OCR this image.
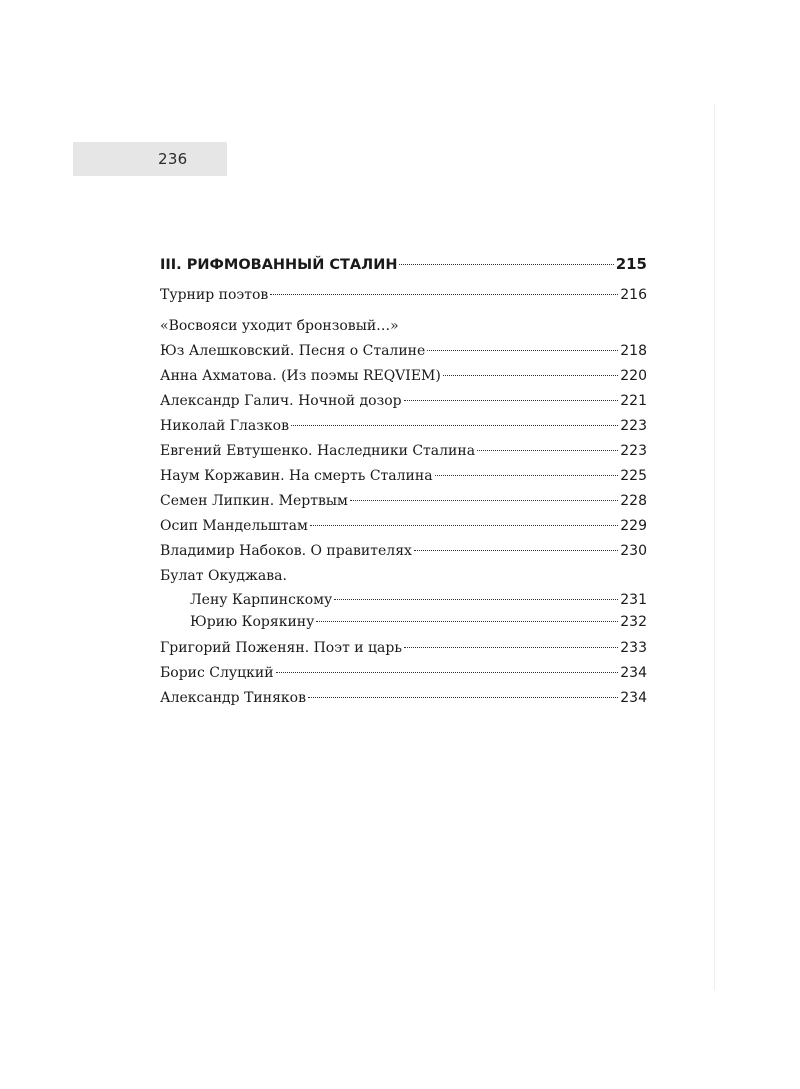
236
III. РИФМОВАННЫЙ СТАЛИН	215
Турнир поэтов	216
«Восвояси уходит бронзовый…»
Юз Алешковский. Песня о Сталине	218
Анна Ахматова. (Из поэмы REQVIEM)	220
Александр Галич. Ночной дозор	221
Николай Глазков	223
Евгений Евтушенко. Наследники Сталина	223
Наум Коржавин. На смерть Сталина	225
Семен Липкин. Мертвым	228
Осип Мандельштам	229
Владимир Набоков. О правителях	230
Булат Окуджава.
Лену Карпинскому	231
Юрию Корякину	232
Григорий Поженян. Поэт и царь	233
Борис Слуцкий	234
Александр Тиняков	234
